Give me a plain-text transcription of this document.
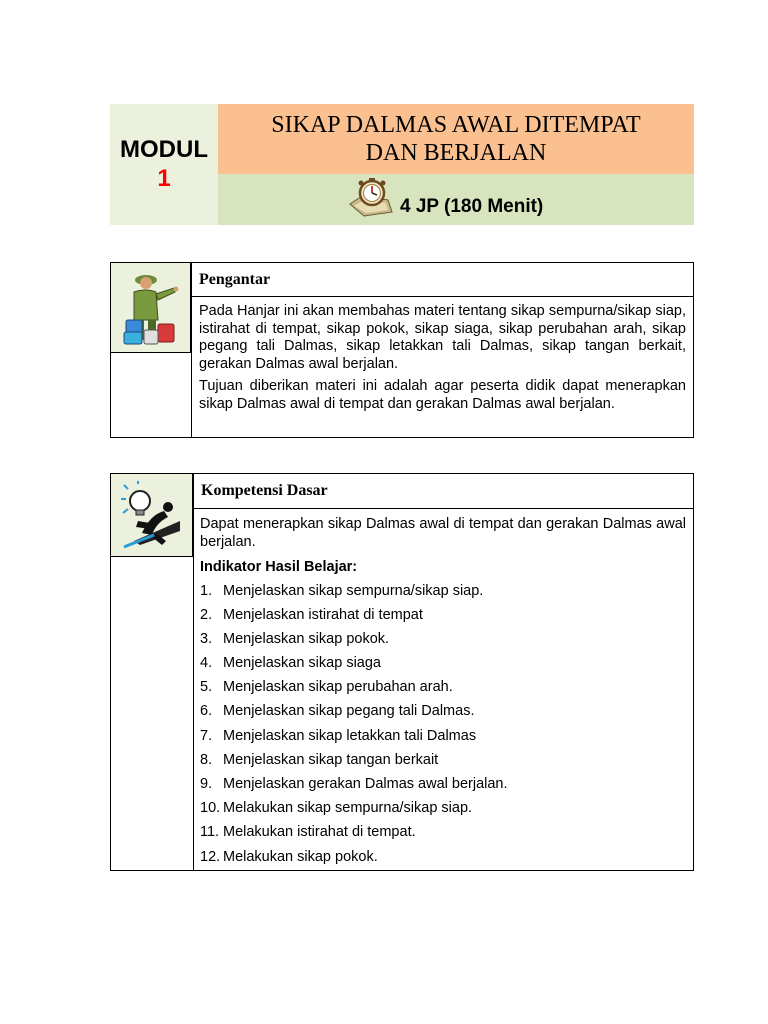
MODUL
1
SIKAP DALMAS AWAL DITEMPAT
DAN BERJALAN
4 JP (180 Menit)
Pengantar

Pada Hanjar ini akan membahas materi tentang sikap sempurna/sikap siap, istirahat di tempat, sikap pokok, sikap siaga, sikap perubahan arah, sikap pegang tali Dalmas, sikap letakkan tali Dalmas, sikap tangan berkait, gerakan Dalmas awal berjalan.

Tujuan diberikan materi ini adalah agar peserta didik dapat menerapkan sikap Dalmas awal di tempat dan gerakan Dalmas awal berjalan.

Kompetensi Dasar

Dapat menerapkan sikap Dalmas awal di tempat dan gerakan Dalmas awal berjalan.

Indikator Hasil Belajar:
1. Menjelaskan sikap sempurna/sikap siap.
2. Menjelaskan istirahat di tempat
3. Menjelaskan sikap pokok.
4. Menjelaskan sikap siaga
5. Menjelaskan sikap perubahan arah.
6. Menjelaskan sikap pegang tali Dalmas.
7. Menjelaskan sikap letakkan tali Dalmas
8. Menjelaskan sikap tangan berkait
9. Menjelaskan gerakan Dalmas awal berjalan.
10. Melakukan sikap sempurna/sikap siap.
11. Melakukan istirahat di tempat.
12. Melakukan sikap pokok.
